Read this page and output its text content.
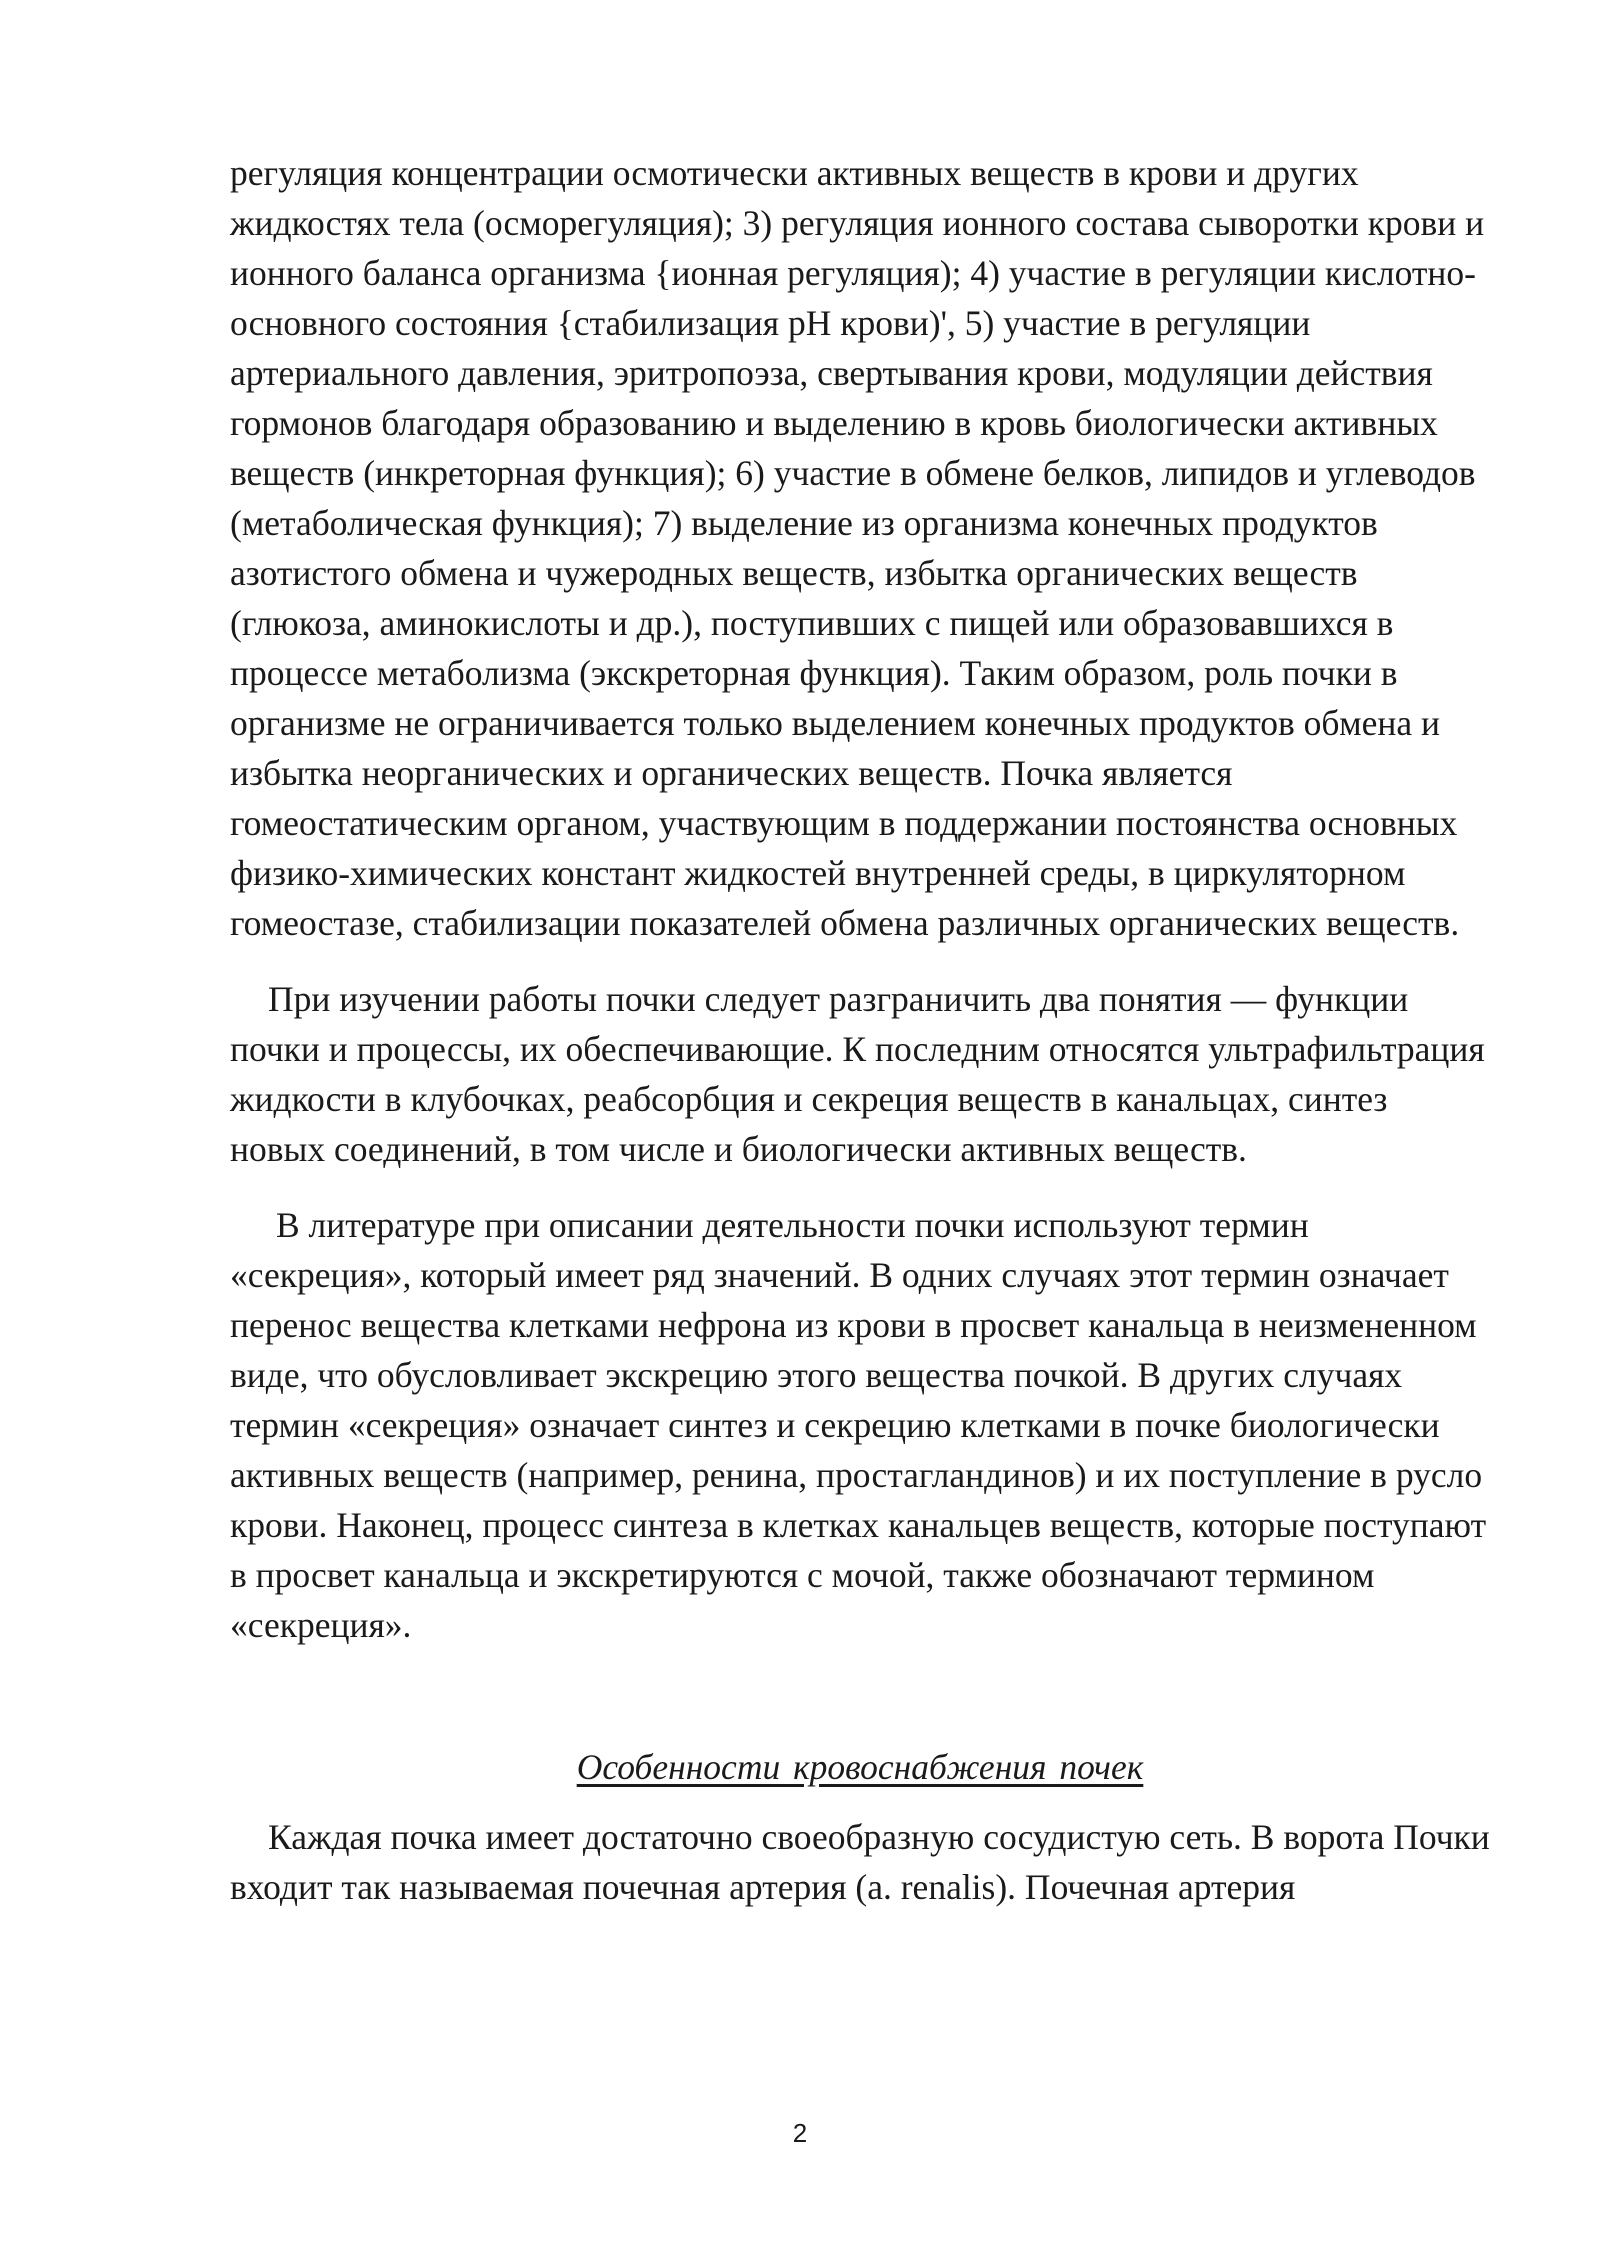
регуляция концентрации осмотически активных веществ в крови и других жидкостях тела (осморегуляция); 3) регуляция ионного состава сыворотки крови и ионного баланса организма {ионная регуляция); 4) участие в регуляции кислотно-основного состояния {стабилизация рН крови)', 5) участие в регуляции артериального давления, эритропоэза, свертывания крови, модуляции действия гормонов благодаря образованию и выделению в кровь биологически активных веществ (инкреторная функция); 6) участие в обмене белков, липидов и углеводов (метаболическая функция); 7) выделение из организма конечных продуктов азотистого обмена и чужеродных веществ, избытка органических веществ (глюкоза, аминокислоты и др.), поступивших с пищей или образовавшихся в процессе метаболизма (экскреторная функция). Таким образом, роль почки в организме не ограничивается только выделением конечных продуктов обмена и избытка неорганических и органических веществ. Почка является гомеостатическим органом, участвующим в поддержании постоянства основных физико-химических констант жидкостей внутренней среды, в циркуляторном гомеостазе, стабилизации показателей обмена различных органических веществ.

При изучении работы почки следует разграничить два понятия — функции почки и процессы, их обеспечивающие. К последним относятся ультрафильтрация жидкости в клубочках, реабсорбция и секреция веществ в канальцах, синтез новых соединений, в том числе и биологически активных веществ.

В литературе при описании деятельности почки используют термин «секреция», который имеет ряд значений. В одних случаях этот термин означает перенос вещества клетками нефрона из крови в просвет канальца в неизмененном виде, что обусловливает экскрецию этого вещества почкой. В других случаях термин «секреция» означает синтез и секрецию клетками в почке биологически активных веществ (например, ренина, простагландинов) и их поступление в русло крови. Наконец, процесс синтеза в клетках канальцев веществ, которые поступают в просвет канальца и экскретируются с мочой, также обозначают термином «секреция».

Особенности кровоснабжения почек

Каждая почка имеет достаточно своеобразную сосудистую сеть. В ворота Почки входит так называемая почечная артерия (a. renalis). Почечная артерия

2
